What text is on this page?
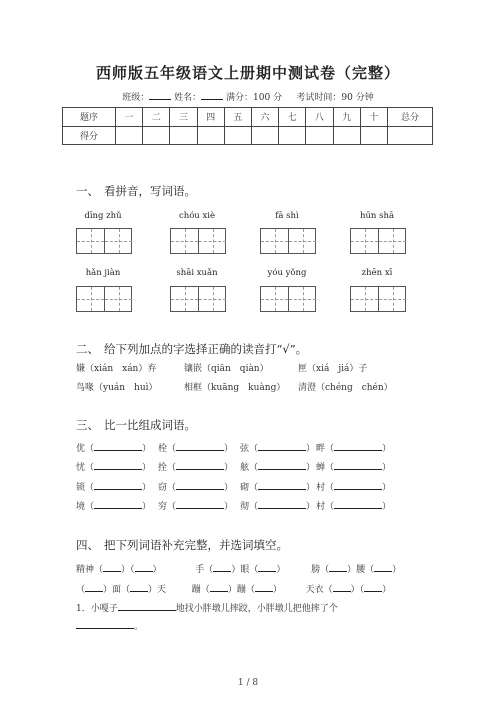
西师版五年级语文上册期中测试卷（完整）
班级：	姓名：	满分：100 分 考试时间：90 分钟
题序	一	二	三	四	五	六	七	八	九	十	总分
得分											
一、 看拼音，写词语。
dīng zhǔ	chóu xiè	fā shì	hūn shā
hǎn jiàn	shāi xuǎn	yóu yǒng	zhēn xī
二、 给下列加点的字选择正确的读音打“√”。
嫌（xián　xán）弃	镶嵌（qiān　qiàn）	匣（xiá　jiá）子
鸟喙（yuán　huì）	相框（kuāng　kuàng） 清澄（chéng　chén）
三、 比一比组成词语。
优（	） 栓（	） 弦（	） 畔（	）
忧（	） 拴（	） 舷（	） 蝉（	）
锁（	） 窃（	） 砌（	） 村（	）
境（	） 穷（	） 彻（	） 村（	）
四、 把下列词语补充完整，并选词填空。
精神（ ）（ ）	手（ ）眼（ ）	膀（ ）腰（ ）
（ ）面（ ）天	蹦（ ）蹦（ ）	天衣（ ）（ ）
1．小嘎子	地找小胖墩儿摔跤，小胖墩儿把他摔了个
。
1 / 8
